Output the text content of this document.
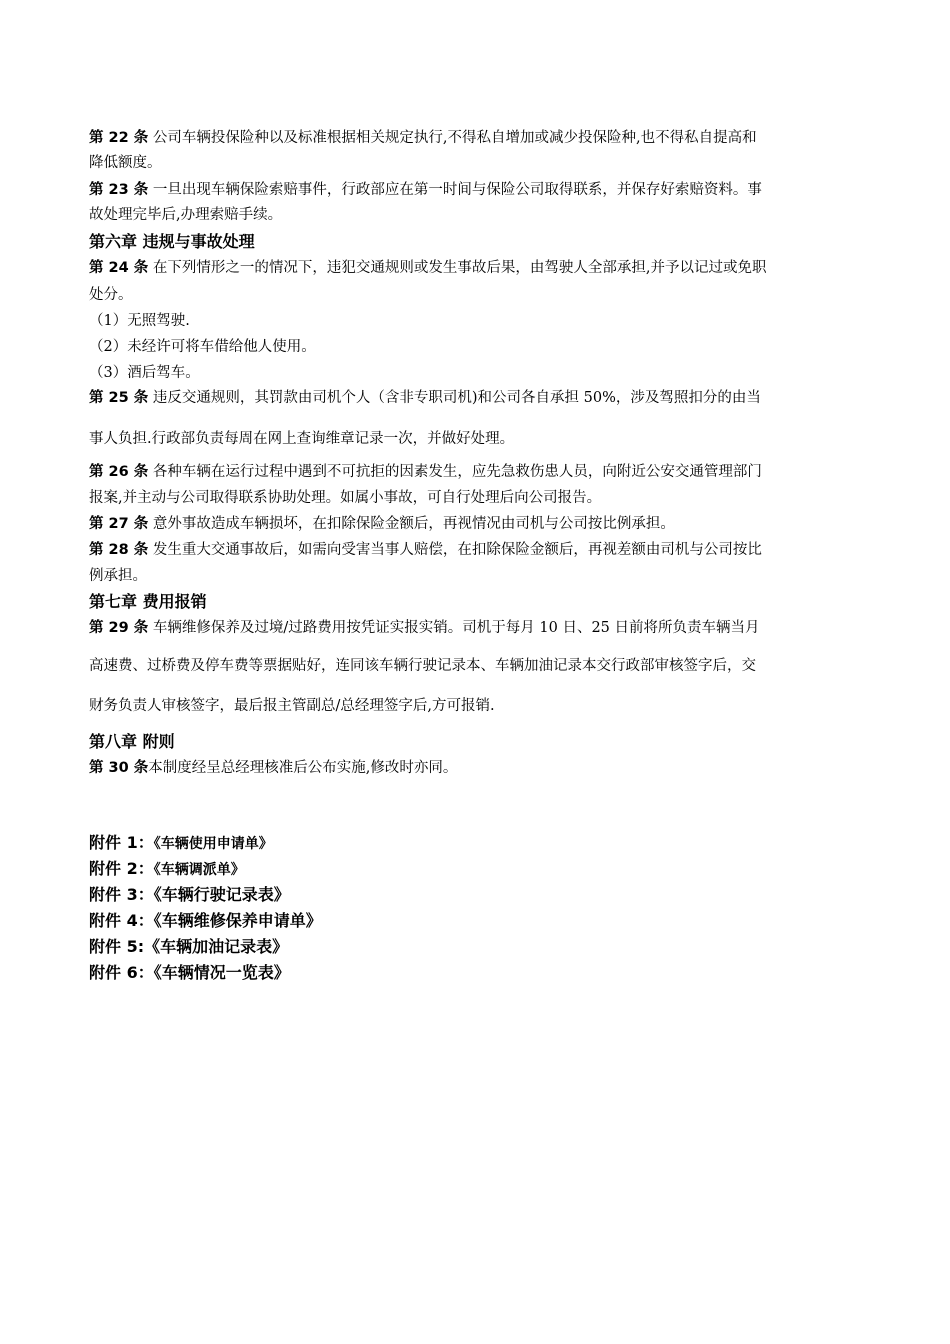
第 22 条 公司车辆投保险种以及标准根据相关规定执行,不得私自增加或减少投保险种,也不得私自提高和
降低额度。
第 23 条 一旦出现车辆保险索赔事件，行政部应在第一时间与保险公司取得联系，并保存好索赔资料。事
故处理完毕后,办理索赔手续。
第六章 违规与事故处理
第 24 条 在下列情形之一的情况下，违犯交通规则或发生事故后果，由驾驶人全部承担,并予以记过或免职
处分。
（1）无照驾驶.
（2）未经许可将车借给他人使用。
（3）酒后驾车。
第 25 条 违反交通规则，其罚款由司机个人（含非专职司机)和公司各自承担 50%，涉及驾照扣分的由当
事人负担.行政部负责每周在网上查询维章记录一次，并做好处理。
第 26 条 各种车辆在运行过程中遇到不可抗拒的因素发生，应先急救伤患人员，向附近公安交通管理部门
报案,并主动与公司取得联系协助处理。如属小事故，可自行处理后向公司报告。
第 27 条 意外事故造成车辆损坏，在扣除保险金额后，再视情况由司机与公司按比例承担。
第 28 条 发生重大交通事故后，如需向受害当事人赔偿，在扣除保险金额后，再视差额由司机与公司按比
例承担。
第七章 费用报销
第 29 条 车辆维修保养及过境/过路费用按凭证实报实销。司机于每月 10 日、25 日前将所负责车辆当月
高速费、过桥费及停车费等票据贴好，连同该车辆行驶记录本、车辆加油记录本交行政部审核签字后，交
财务负责人审核签字，最后报主管副总/总经理签字后,方可报销.
第八章 附则
第 30 条本制度经呈总经理核准后公布实施,修改时亦同。
附件 1：《车辆使用申请单》
附件 2：《车辆调派单》
附件 3：《车辆行驶记录表》
附件 4：《车辆维修保养申请单》
附件 5:《车辆加油记录表》
附件 6：《车辆情况一览表》
